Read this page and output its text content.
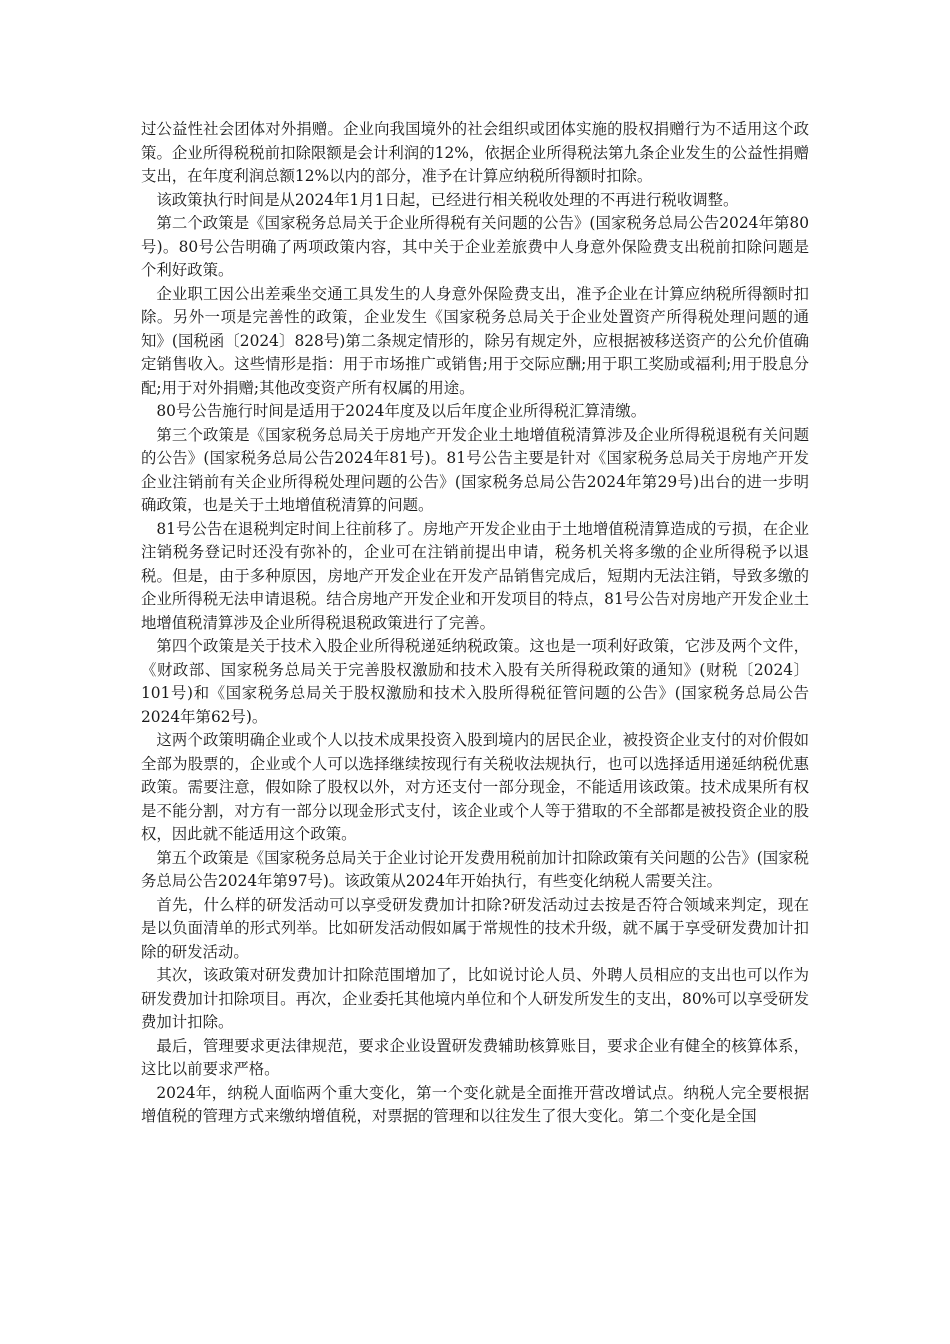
过公益性社会团体对外捐赠。企业向我国境外的社会组织或团体实施的股权捐赠行为不适用这个政策。企业所得税税前扣除限额是会计利润的12%，依据企业所得税法第九条企业发生的公益性捐赠支出，在年度利润总额12%以内的部分，准予在计算应纳税所得额时扣除。

该政策执行时间是从2024年1月1日起，已经进行相关税收处理的不再进行税收调整。

第二个政策是《国家税务总局关于企业所得税有关问题的公告》(国家税务总局公告2024年第80号)。80号公告明确了两项政策内容，其中关于企业差旅费中人身意外保险费支出税前扣除问题是个利好政策。

企业职工因公出差乘坐交通工具发生的人身意外保险费支出，准予企业在计算应纳税所得额时扣除。另外一项是完善性的政策，企业发生《国家税务总局关于企业处置资产所得税处理问题的通知》(国税函〔2024〕828号)第二条规定情形的，除另有规定外，应根据被移送资产的公允价值确定销售收入。这些情形是指：用于市场推广或销售;用于交际应酬;用于职工奖励或福利;用于股息分配;用于对外捐赠;其他改变资产所有权属的用途。

80号公告施行时间是适用于2024年度及以后年度企业所得税汇算清缴。

第三个政策是《国家税务总局关于房地产开发企业土地增值税清算涉及企业所得税退税有关问题的公告》(国家税务总局公告2024年81号)。81号公告主要是针对《国家税务总局关于房地产开发企业注销前有关企业所得税处理问题的公告》(国家税务总局公告2024年第29号)出台的进一步明确政策，也是关于土地增值税清算的问题。

81号公告在退税判定时间上往前移了。房地产开发企业由于土地增值税清算造成的亏损，在企业注销税务登记时还没有弥补的，企业可在注销前提出申请，税务机关将多缴的企业所得税予以退税。但是，由于多种原因，房地产开发企业在开发产品销售完成后，短期内无法注销，导致多缴的企业所得税无法申请退税。结合房地产开发企业和开发项目的特点，81号公告对房地产开发企业土地增值税清算涉及企业所得税退税政策进行了完善。

第四个政策是关于技术入股企业所得税递延纳税政策。这也是一项利好政策，它涉及两个文件，《财政部、国家税务总局关于完善股权激励和技术入股有关所得税政策的通知》(财税〔2024〕101号)和《国家税务总局关于股权激励和技术入股所得税征管问题的公告》(国家税务总局公告2024年第62号)。

这两个政策明确企业或个人以技术成果投资入股到境内的居民企业，被投资企业支付的对价假如全部为股票的，企业或个人可以选择继续按现行有关税收法规执行，也可以选择适用递延纳税优惠政策。需要注意，假如除了股权以外，对方还支付一部分现金，不能适用该政策。技术成果所有权是不能分割，对方有一部分以现金形式支付，该企业或个人等于猎取的不全部都是被投资企业的股权，因此就不能适用这个政策。

第五个政策是《国家税务总局关于企业讨论开发费用税前加计扣除政策有关问题的公告》(国家税务总局公告2024年第97号)。该政策从2024年开始执行，有些变化纳税人需要关注。

首先，什么样的研发活动可以享受研发费加计扣除?研发活动过去按是否符合领域来判定，现在是以负面清单的形式列举。比如研发活动假如属于常规性的技术升级，就不属于享受研发费加计扣除的研发活动。

其次，该政策对研发费加计扣除范围增加了，比如说讨论人员、外聘人员相应的支出也可以作为研发费加计扣除项目。再次，企业委托其他境内单位和个人研发所发生的支出，80%可以享受研发费加计扣除。

最后，管理要求更法律规范，要求企业设置研发费辅助核算账目，要求企业有健全的核算体系，这比以前要求严格。

2024年，纳税人面临两个重大变化，第一个变化就是全面推开营改增试点。纳税人完全要根据增值税的管理方式来缴纳增值税，对票据的管理和以往发生了很大变化。第二个变化是全国
